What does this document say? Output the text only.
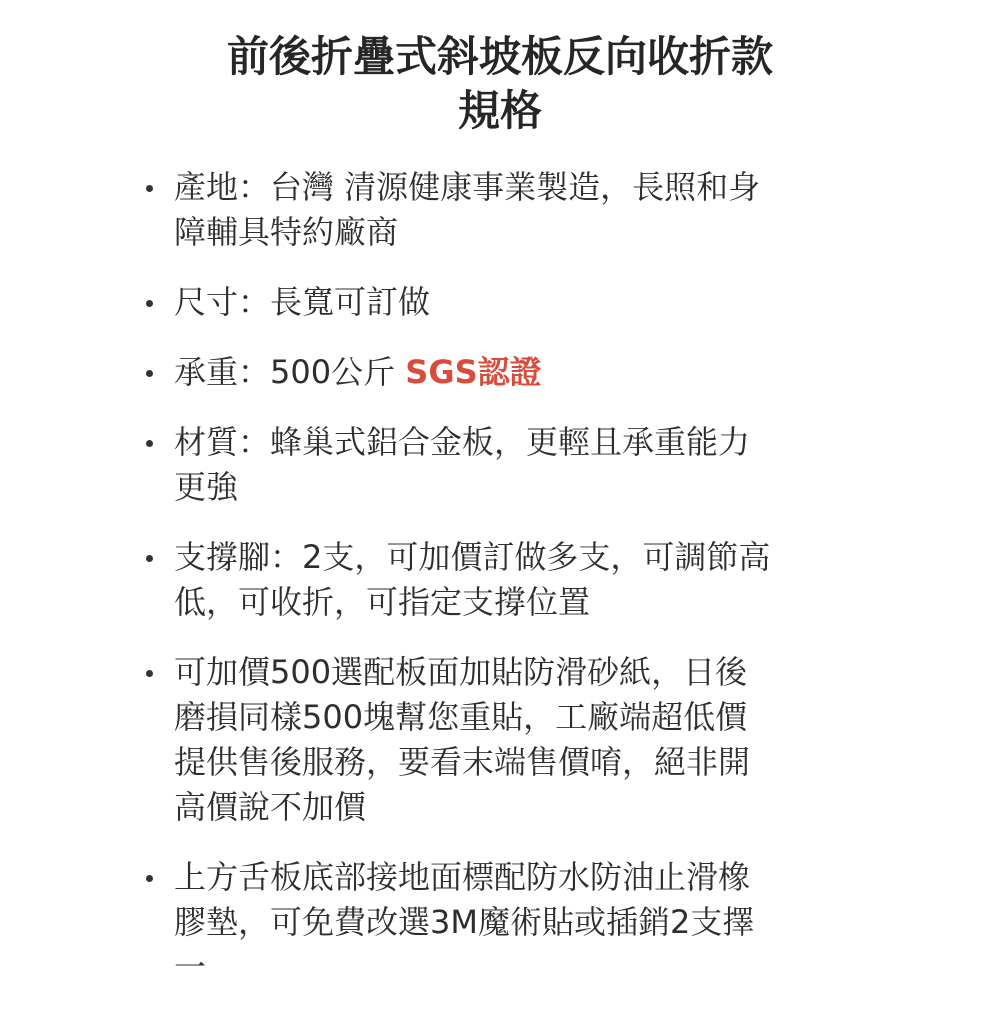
前後折疊式斜坡板反向收折款
規格
產地：台灣 清源健康事業製造，長照和身
障輔具特約廠商
尺寸：長寬可訂做
承重：500公斤 SGS認證
材質：蜂巢式鋁合金板，更輕且承重能力
更強
支撐腳：2支，可加價訂做多支，可調節高
低，可收折，可指定支撐位置
可加價500選配板面加貼防滑砂紙，日後
磨損同樣500塊幫您重貼，工廠端超低價
提供售後服務，要看末端售價唷，絕非開
高價說不加價
上方舌板底部接地面標配防水防油止滑橡
膠墊，可免費改選3M魔術貼或插銷2支擇
一
